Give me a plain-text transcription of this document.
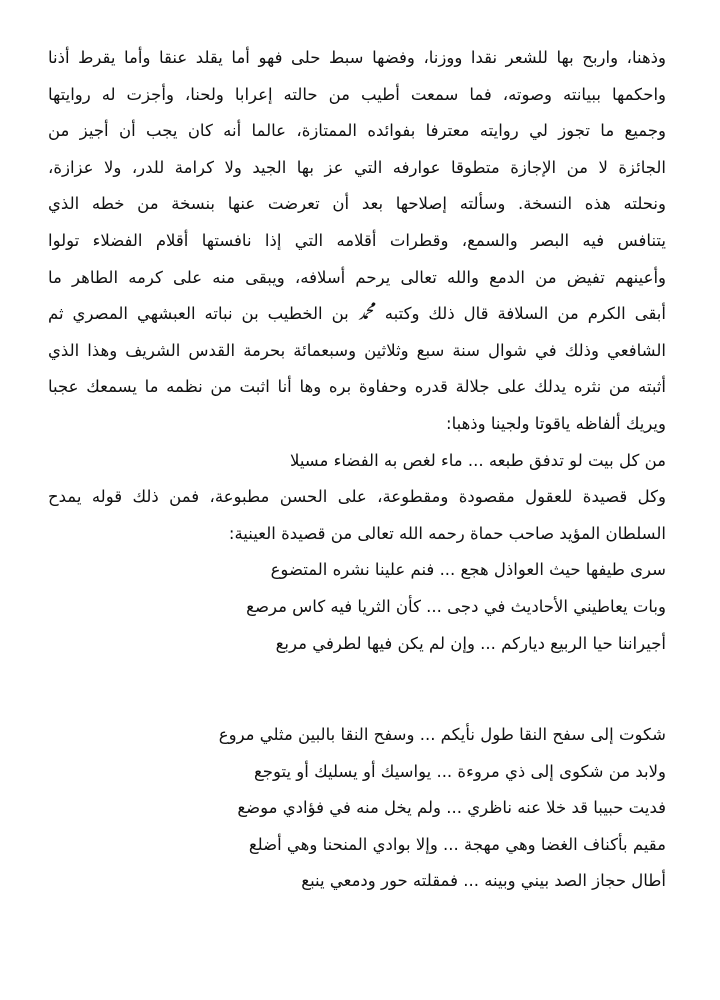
وذهنا، واربح بها للشعر نقدا ووزنا، وفضها سبط حلى فهو أما يقلد عنقا وأما يقرط أذنا
واحكمها ببيانته وصوته، فما سمعت أطيب من حالته إعرابا ولحنا، وأجزت له روايتها
وجميع ما تجوز لي روايته معترفا بفوائده الممتازة، عالما أنه كان يجب أن أجيز من
الجائزة لا من الإجازة متطوقا عوارفه التي عز بها الجيد ولا كرامة للدر، ولا عزازة،
ونحلته هذه النسخة. وسألته إصلاحها بعد أن تعرضت عنها بنسخة من خطه الذي
يتنافس فيه البصر والسمع، وقطرات أقلامه التي إذا نافستها أقلام الفضلاء تولوا
وأعينهم تفيض من الدمع والله تعالى يرحم أسلافه، ويبقى منه على كرمه الطاهر ما
أبقى الكرم من السلافة قال ذلك وكتبه ﷴ بن الخطيب بن نباته العبشهي المصري ثم
الشافعي وذلك في شوال سنة سبع وثلاثين وسبعمائة بحرمة القدس الشريف وهذا الذي
أثبته من نثره يدلك على جلالة قدره وحفاوة بره وها أنا اثبت من نظمه ما يسمعك عجبا
ويريك ألفاظه ياقوتا ولجينا وذهبا:
من كل بيت لو تدفق طبعه ... ماء لغص به الفضاء مسيلا
وكل قصيدة للعقول مقصودة ومقطوعة، على الحسن مطبوعة، فمن ذلك قوله يمدح
السلطان المؤيد صاحب حماة رحمه الله تعالى من قصيدة العينية:
سرى طيفها حيث العواذل هجع ... فنم علينا نشره المتضوع
وبات يعاطيني الأحاديث في دجى ... كأن الثريا فيه كاس مرصع
أجيراننا حيا الربيع دياركم ... وإن لم يكن فيها لطرفي مربع
شكوت إلى سفح النقا طول نأيكم ... وسفح النقا بالبين مثلي مروع
ولابد من شكوى إلى ذي مروءة ... يواسيك أو يسليك أو يتوجع
فديت حبيبا قد خلا عنه ناظري ... ولم يخل منه في فؤادي موضع
مقيم بأكناف الغضا وهي مهجة ... وإلا بوادي المنحنا وهي أضلع
أطال حجاز الصد بيني وبينه ... فمقلته حور ودمعي ينبع
